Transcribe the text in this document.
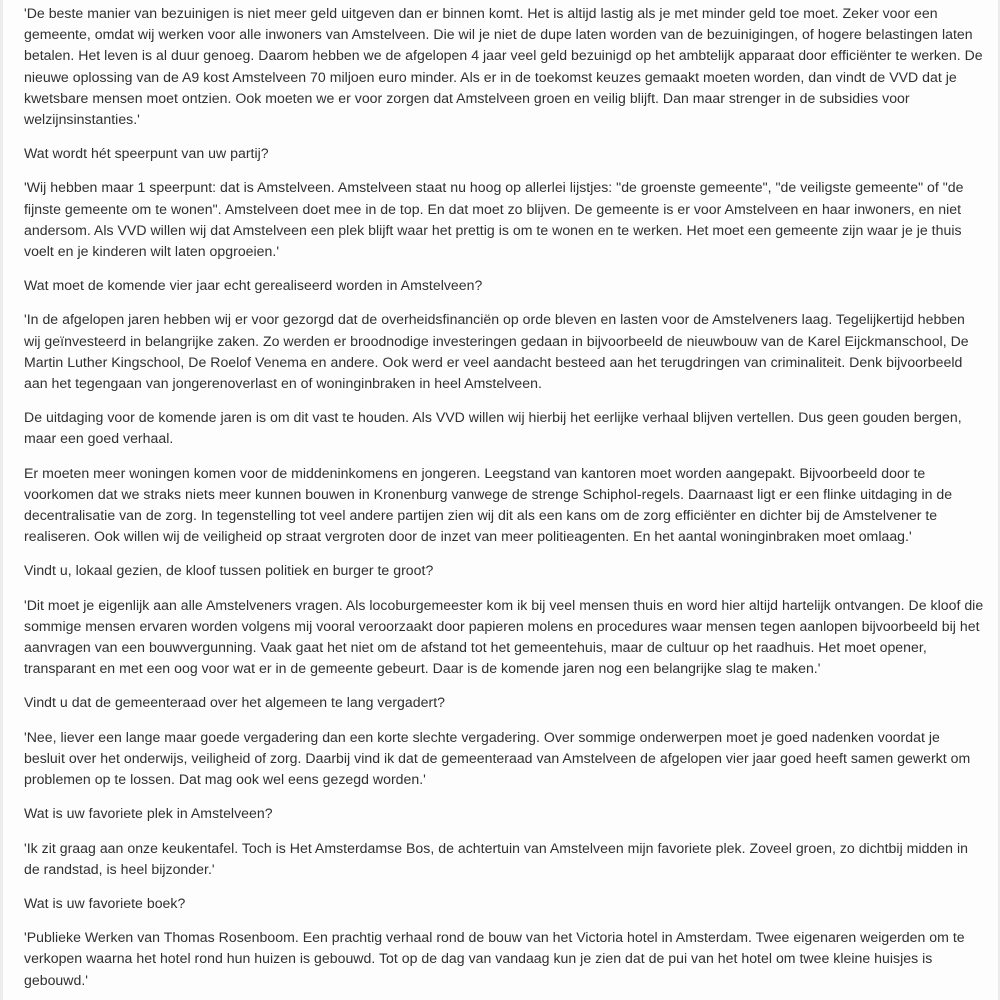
'De beste manier van bezuinigen is niet meer geld uitgeven dan er binnen komt. Het is altijd lastig als je met minder geld toe moet. Zeker voor een gemeente, omdat wij werken voor alle inwoners van Amstelveen. Die wil je niet de dupe laten worden van de bezuinigingen, of hogere belastingen laten betalen. Het leven is al duur genoeg. Daarom hebben we de afgelopen 4 jaar veel geld bezuinigd op het ambtelijk apparaat door efficiënter te werken. De nieuwe oplossing van de A9 kost Amstelveen 70 miljoen euro minder. Als er in de toekomst keuzes gemaakt moeten worden, dan vindt de VVD dat je kwetsbare mensen moet ontzien. Ook moeten we er voor zorgen dat Amstelveen groen en veilig blijft. Dan maar strenger in de subsidies voor welzijnsinstanties.'

Wat wordt hét speerpunt van uw partij?

'Wij hebben maar 1 speerpunt: dat is Amstelveen. Amstelveen staat nu hoog op allerlei lijstjes: "de groenste gemeente", "de veiligste gemeente" of "de fijnste gemeente om te wonen". Amstelveen doet mee in de top. En dat moet zo blijven. De gemeente is er voor Amstelveen en haar inwoners, en niet andersom. Als VVD willen wij dat Amstelveen een plek blijft waar het prettig is om te wonen en te werken. Het moet een gemeente zijn waar je je thuis voelt en je kinderen wilt laten opgroeien.'

Wat moet de komende vier jaar echt gerealiseerd worden in Amstelveen?

'In de afgelopen jaren hebben wij er voor gezorgd dat de overheidsfinanciën op orde bleven en lasten voor de Amstelveners laag. Tegelijkertijd hebben wij geïnvesteerd in belangrijke zaken. Zo werden er broodnodige investeringen gedaan in bijvoorbeeld de nieuwbouw van de Karel Eijckmanschool, De Martin Luther Kingschool, De Roelof Venema en andere. Ook werd er veel aandacht besteed aan het terugdringen van criminaliteit. Denk bijvoorbeeld aan het tegengaan van jongerenoverlast en of woninginbraken in heel Amstelveen.

De uitdaging voor de komende jaren is om dit vast te houden. Als VVD willen wij hierbij het eerlijke verhaal blijven vertellen. Dus geen gouden bergen, maar een goed verhaal.

Er moeten meer woningen komen voor de middeninkomens en jongeren. Leegstand van kantoren moet worden aangepakt. Bijvoorbeeld door te voorkomen dat we straks niets meer kunnen bouwen in Kronenburg vanwege de strenge Schiphol-regels. Daarnaast ligt er een flinke uitdaging in de decentralisatie van de zorg. In tegenstelling tot veel andere partijen zien wij dit als een kans om de zorg efficiënter en dichter bij de Amstelvener te realiseren. Ook willen wij de veiligheid op straat vergroten door de inzet van meer politieagenten. En het aantal woninginbraken moet omlaag.'

Vindt u, lokaal gezien, de kloof tussen politiek en burger te groot?

'Dit moet je eigenlijk aan alle Amstelveners vragen. Als locoburgemeester kom ik bij veel mensen thuis en word hier altijd hartelijk ontvangen. De kloof die sommige mensen ervaren worden volgens mij vooral veroorzaakt door papieren molens en procedures waar mensen tegen aanlopen bijvoorbeeld bij het aanvragen van een bouwvergunning. Vaak gaat het niet om de afstand tot het gemeentehuis, maar de cultuur op het raadhuis. Het moet opener, transparant en met een oog voor wat er in de gemeente gebeurt. Daar is de komende jaren nog een belangrijke slag te maken.'

Vindt u dat de gemeenteraad over het algemeen te lang vergadert?

'Nee, liever een lange maar goede vergadering dan een korte slechte vergadering. Over sommige onderwerpen moet je goed nadenken voordat je besluit over het onderwijs, veiligheid of zorg. Daarbij vind ik dat de gemeenteraad van Amstelveen de afgelopen vier jaar goed heeft samen gewerkt om problemen op te lossen. Dat mag ook wel eens gezegd worden.'

Wat is uw favoriete plek in Amstelveen?

'Ik zit graag aan onze keukentafel. Toch is Het Amsterdamse Bos, de achtertuin van Amstelveen mijn favoriete plek. Zoveel groen, zo dichtbij midden in de randstad, is heel bijzonder.'

Wat is uw favoriete boek?

'Publieke Werken van Thomas Rosenboom. Een prachtig verhaal rond de bouw van het Victoria hotel in Amsterdam. Twee eigenaren weigerden om te verkopen waarna het hotel rond hun huizen is gebouwd. Tot op de dag van vandaag kun je zien dat de pui van het hotel om twee kleine huisjes is gebouwd.'
